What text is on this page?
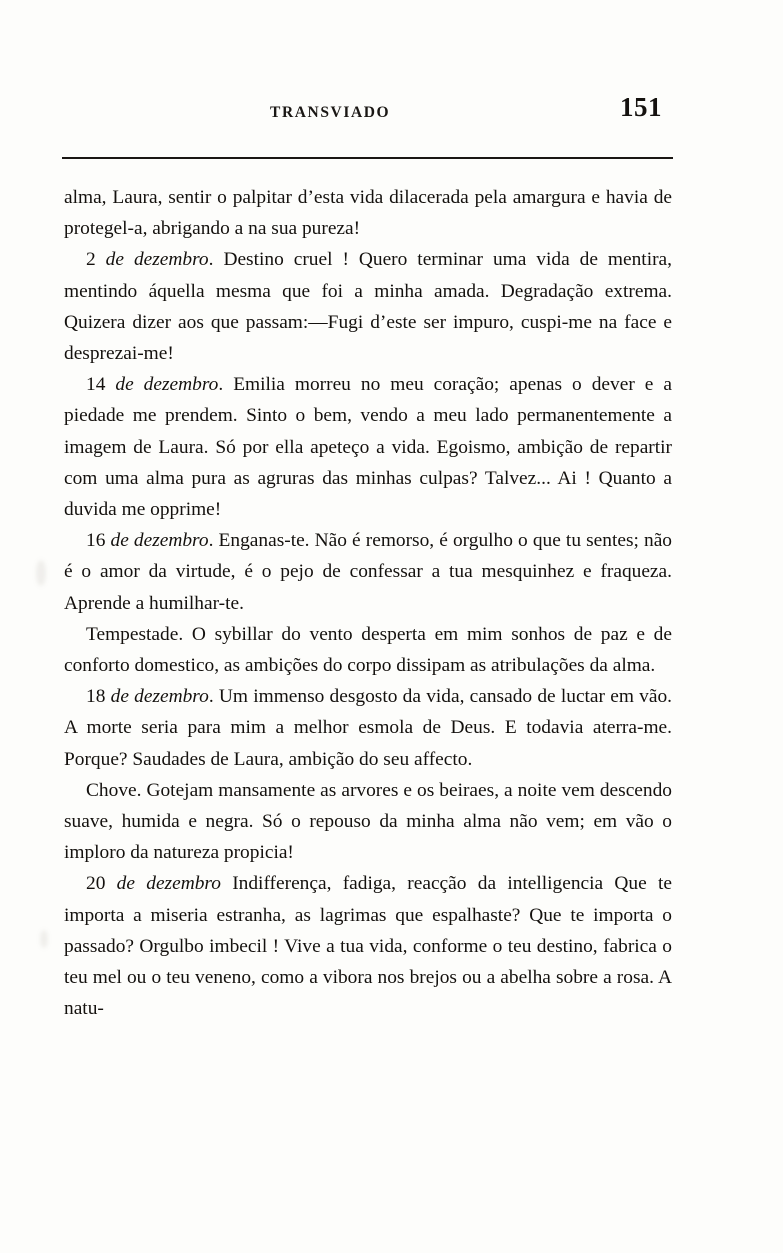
TRANSVIADO	151
alma, Laura, sentir o palpitar d’esta vida dilacerada pela amargura e havia de protegel-a, abrigando a na sua pureza!
2 de dezembro. Destino cruel ! Quero terminar uma vida de mentira, mentindo áquella mesma que foi a minha amada. Degradação extrema. Quizera dizer aos que passam:—Fugi d’este ser impuro, cuspi-me na face e desprezai-me!
14 de dezembro. Emilia morreu no meu coração; apenas o dever e a piedade me prendem. Sinto o bem, vendo a meu lado permanentemente a imagem de Laura. Só por ella apeteço a vida. Egoismo, ambição de repartir com uma alma pura as agruras das minhas culpas? Talvez... Ai ! Quanto a duvida me opprime!
16 de dezembro. Enganas-te. Não é remorso, é orgulho o que tu sentes; não é o amor da virtude, é o pejo de confessar a tua mesquinhez e fraqueza. Aprende a humilhar-te.
Tempestade. O sybillar do vento desperta em mim sonhos de paz e de conforto domestico, as ambições do corpo dissipam as atribulações da alma.
18 de dezembro. Um immenso desgosto da vida, cansado de luctar em vão. A morte seria para mim a melhor esmola de Deus. E todavia aterra-me. Porque? Saudades de Laura, ambição do seu affecto.
Chove. Gotejam mansamente as arvores e os beiraes, a noite vem descendo suave, humida e negra. Só o repouso da minha alma não vem; em vão o imploro da natureza propicia!
20 de dezembro Indifferença, fadiga, reacção da intelligencia Que te importa a miseria estranha, as lagrimas que espalhaste? Que te importa o passado? Orgulbo imbecil ! Vive a tua vida, conforme o teu destino, fabrica o teu mel ou o teu veneno, como a vibora nos brejos ou a abelha sobre a rosa. A natu-
